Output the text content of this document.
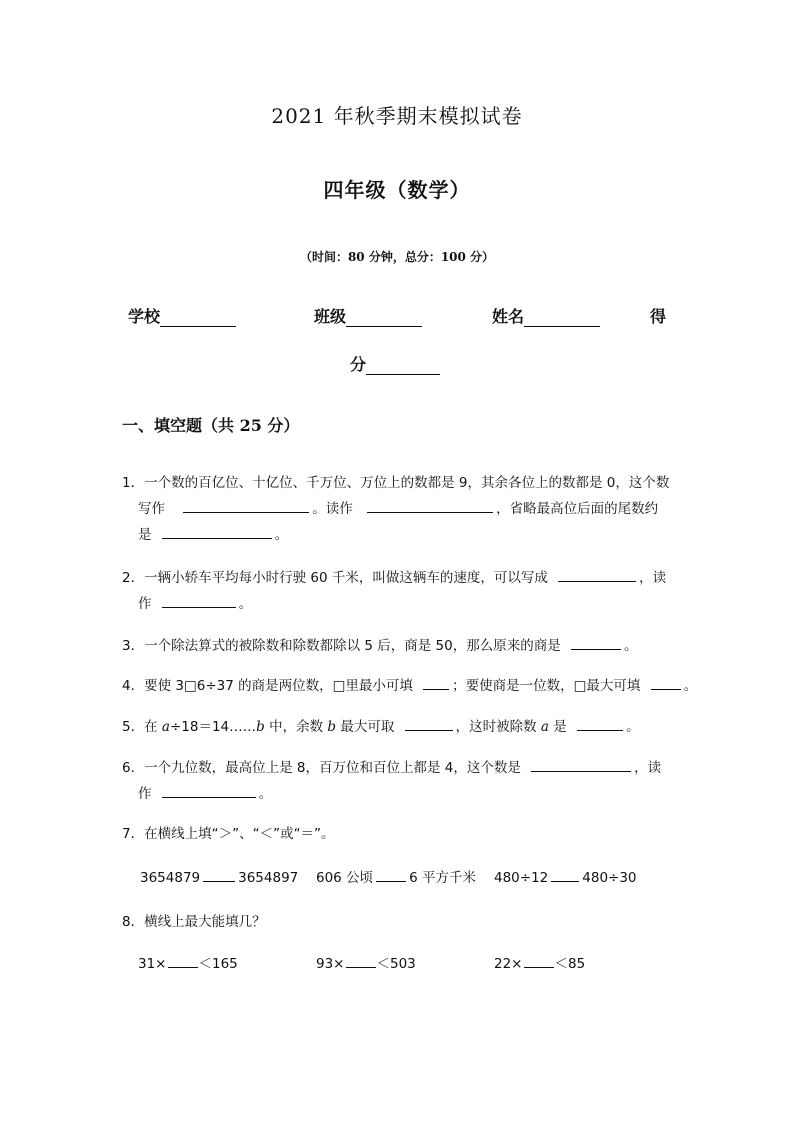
2021 年秋季期末模拟试卷
四年级（数学）
（时间：80 分钟，总分：100 分）
学校	班级	姓名	得
分
一、填空题（共 25 分）
1．一个数的百亿位、十亿位、千万位、万位上的数都是 9，其余各位上的数都是 0，这个数
写作	。读作	，省略最高位后面的尾数约
是	。
2．一辆小轿车平均每小时行驶 60 千米，叫做这辆车的速度，可以写成	，读
作	。
3．一个除法算式的被除数和除数都除以 5 后，商是 50，那么原来的商是	。
4．要使 3□6÷37 的商是两位数，□里最小可填	；要使商是一位数，□最大可填	。
5．在 a÷18＝14……b 中，余数 b 最大可取	，这时被除数 a 是	。
6．一个九位数，最高位上是 8，百万位和百位上都是 4，这个数是	，读
作	。
7．在横线上填“＞”、“＜”或“＝”。
3654879	3654897 606 公顷	6 平方千米 480÷12	480÷30
8．横线上最大能填几？
31× ＜165	93× ＜503	22× ＜85
